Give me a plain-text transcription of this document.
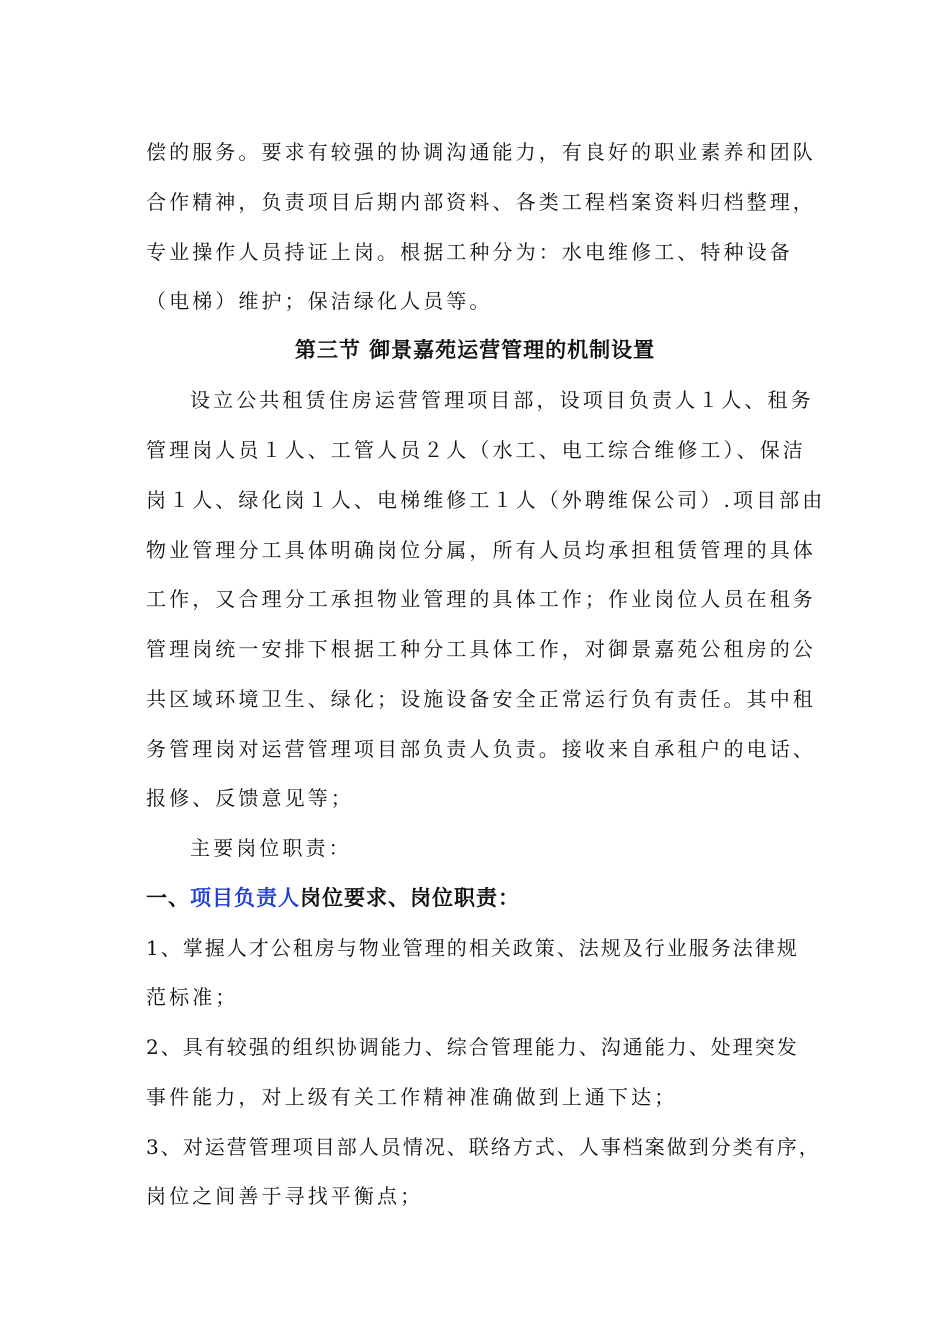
偿的服务。要求有较强的协调沟通能力，有良好的职业素养和团队
合作精神，负责项目后期内部资料、各类工程档案资料归档整理，
专业操作人员持证上岗。根据工种分为：水电维修工、特种设备
（电梯）维护；保洁绿化人员等。
第三节 御景嘉苑运营管理的机制设置
设立公共租赁住房运营管理项目部，设项目负责人１人、租务
管理岗人员１人、工管人员２人（水工、电工综合维修工）、保洁
岗１人、绿化岗１人、电梯维修工１人（外聘维保公司）.项目部由
物业管理分工具体明确岗位分属，所有人员均承担租赁管理的具体
工作，又合理分工承担物业管理的具体工作；作业岗位人员在租务
管理岗统一安排下根据工种分工具体工作，对御景嘉苑公租房的公
共区域环境卫生、绿化；设施设备安全正常运行负有责任。其中租
务管理岗对运营管理项目部负责人负责。接收来自承租户的电话、
报修、反馈意见等；
主要岗位职责：
一、项目负责人岗位要求、岗位职责：
1、掌握人才公租房与物业管理的相关政策、法规及行业服务法律规
范标准；
2、具有较强的组织协调能力、综合管理能力、沟通能力、处理突发
事件能力，对上级有关工作精神准确做到上通下达；
3、对运营管理项目部人员情况、联络方式、人事档案做到分类有序，
岗位之间善于寻找平衡点；
